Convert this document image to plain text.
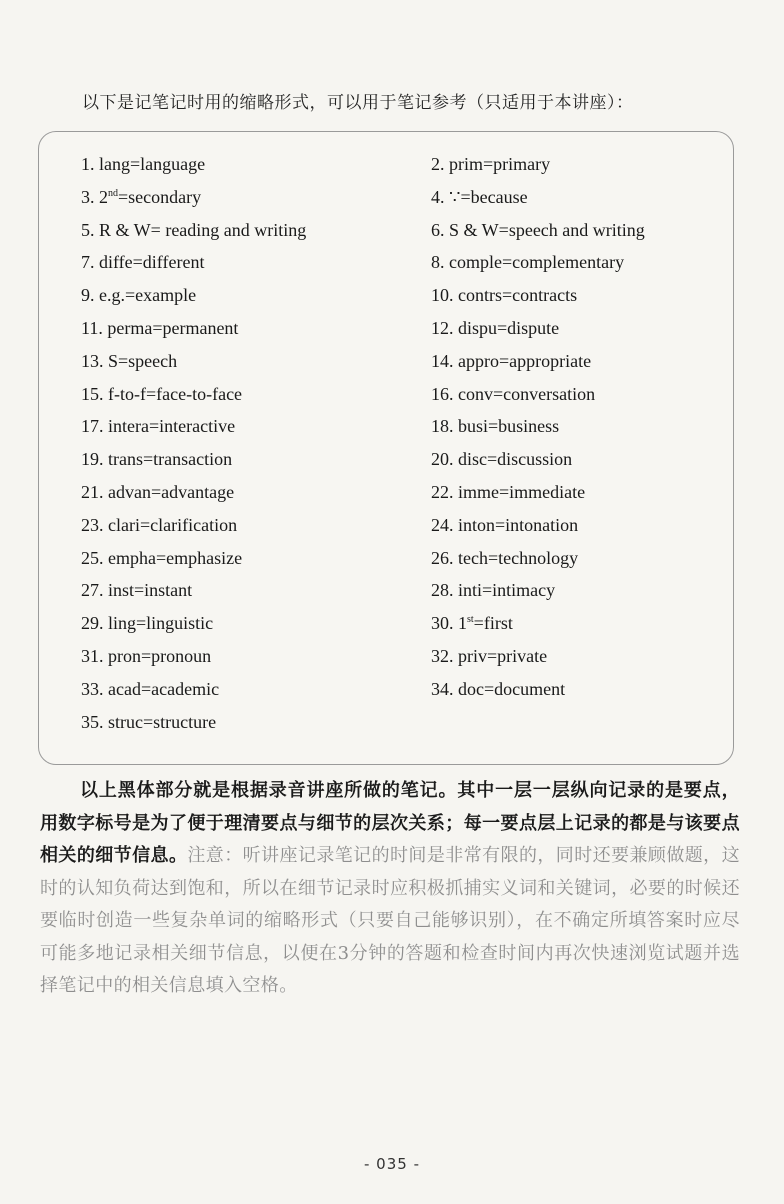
以下是记笔记时用的缩略形式，可以用于笔记参考（只适用于本讲座）：
1. lang=language	2. prim=primary
3. 2nd=secondary	4. ∵=because
5. R & W= reading and writing	6. S & W=speech and writing
7. diffe=different	8. comple=complementary
9. e.g.=example	10. contrs=contracts
11. perma=permanent	12. dispu=dispute
13. S=speech	14. appro=appropriate
15. f-to-f=face-to-face	16. conv=conversation
17. intera=interactive	18. busi=business
19. trans=transaction	20. disc=discussion
21. advan=advantage	22. imme=immediate
23. clari=clarification	24. inton=intonation
25. empha=emphasize	26. tech=technology
27. inst=instant	28. inti=intimacy
29. ling=linguistic	30. 1st=first
31. pron=pronoun	32. priv=private
33. acad=academic	34. doc=document
35. struc=structure
以上黑体部分就是根据录音讲座所做的笔记。其中一层一层纵向记录的是要点，用数字标号是为了便于理清要点与细节的层次关系；每一要点层上记录的都是与该要点相关的细节信息。注意：听讲座记录笔记的时间是非常有限的，同时还要兼顾做题，这时的认知负荷达到饱和，所以在细节记录时应积极抓捕实义词和关键词，必要的时候还要临时创造一些复杂单词的缩略形式（只要自己能够识别），在不确定所填答案时应尽可能多地记录相关细节信息，以便在3分钟的答题和检查时间内再次快速浏览试题并选择笔记中的相关信息填入空格。
- 035 -
